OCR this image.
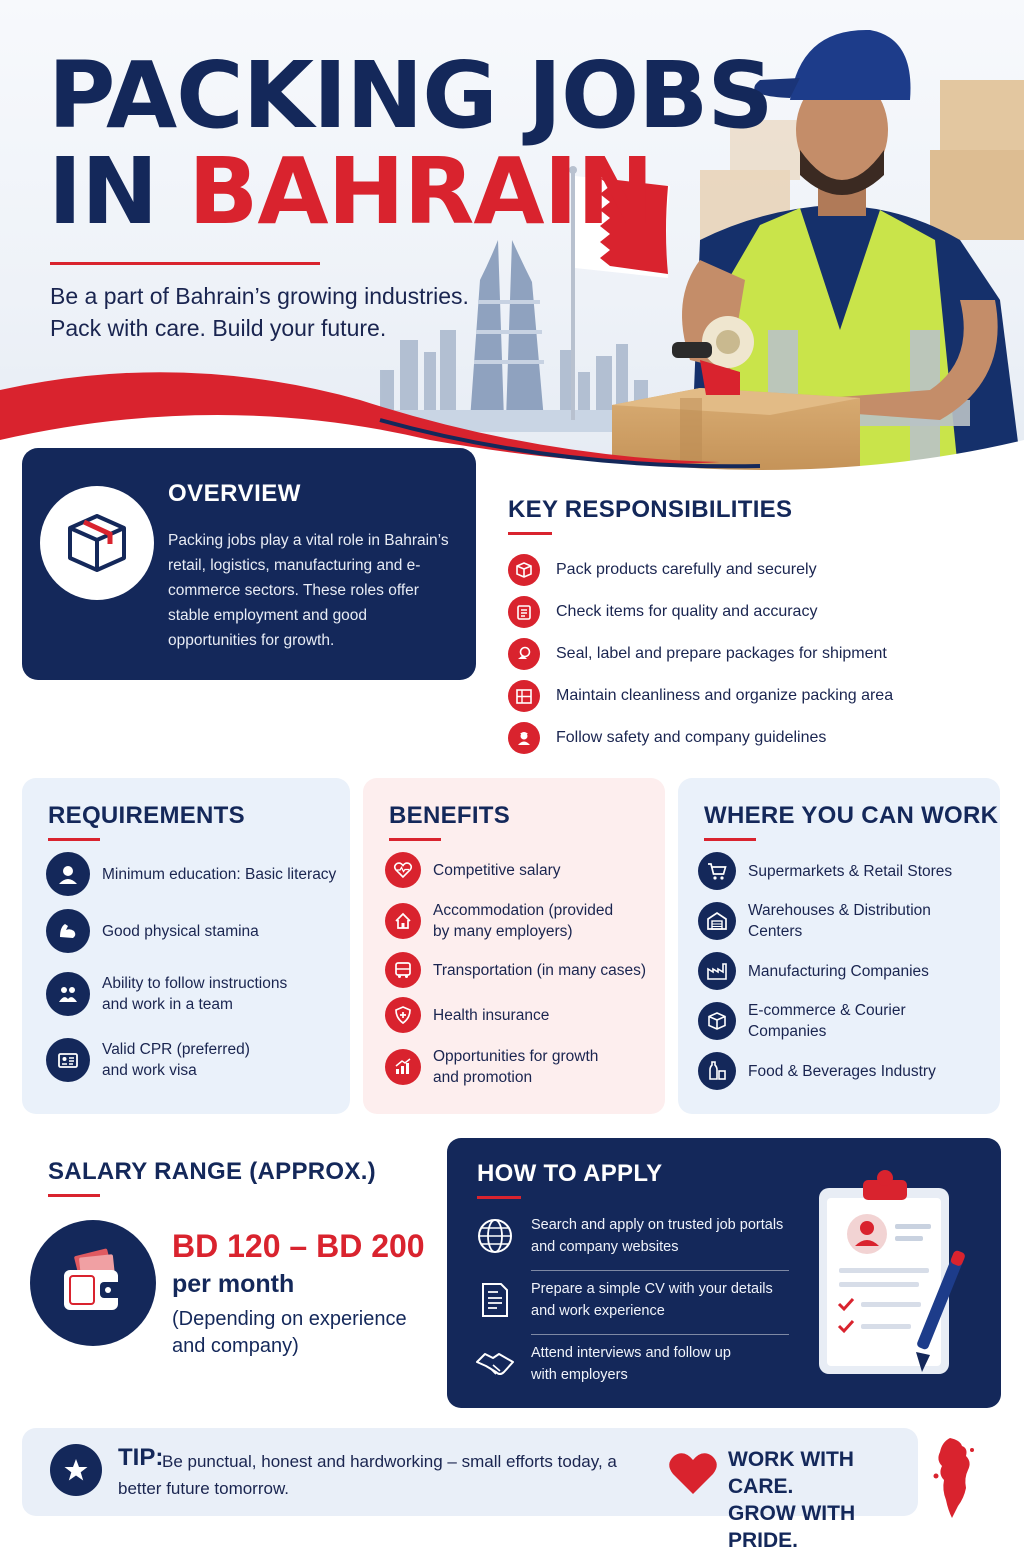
PACKING JOBS
IN BAHRAIN
Be a part of Bahrain’s growing industries.
Pack with care. Build your future.
OVERVIEW

Packing jobs play a vital role in Bahrain’s retail, logistics, manufacturing and e-commerce sectors. These roles offer stable employment and good opportunities for growth.

KEY RESPONSIBILITIES
Pack products carefully and securely
Check items for quality and accuracy
Seal, label and prepare packages for shipment
Maintain cleanliness and organize packing area
Follow safety and company guidelines
REQUIREMENTS
Minimum education: Basic literacy
Good physical stamina
Ability to follow instructions
and work in a team
Valid CPR (preferred)
and work visa
BENEFITS
Competitive salary
Accommodation (provided
by many employers)
Transportation (in many cases)
Health insurance
Opportunities for growth
and promotion
WHERE YOU CAN WORK
Supermarkets & Retail Stores
Warehouses & Distribution
Centers
Manufacturing Companies
E-commerce & Courier
Companies
Food & Beverages Industry
SALARY RANGE (APPROX.)
BD 120 – BD 200
per month
(Depending on experience and company)
HOW TO APPLY
Search and apply on trusted job portals
and company websites
Prepare a simple CV with your details
and work experience
Attend interviews and follow up
with employers
TIP:
Be punctual, honest and hardworking – small efforts today, a better future tomorrow.
WORK WITH CARE.
GROW WITH PRIDE.
